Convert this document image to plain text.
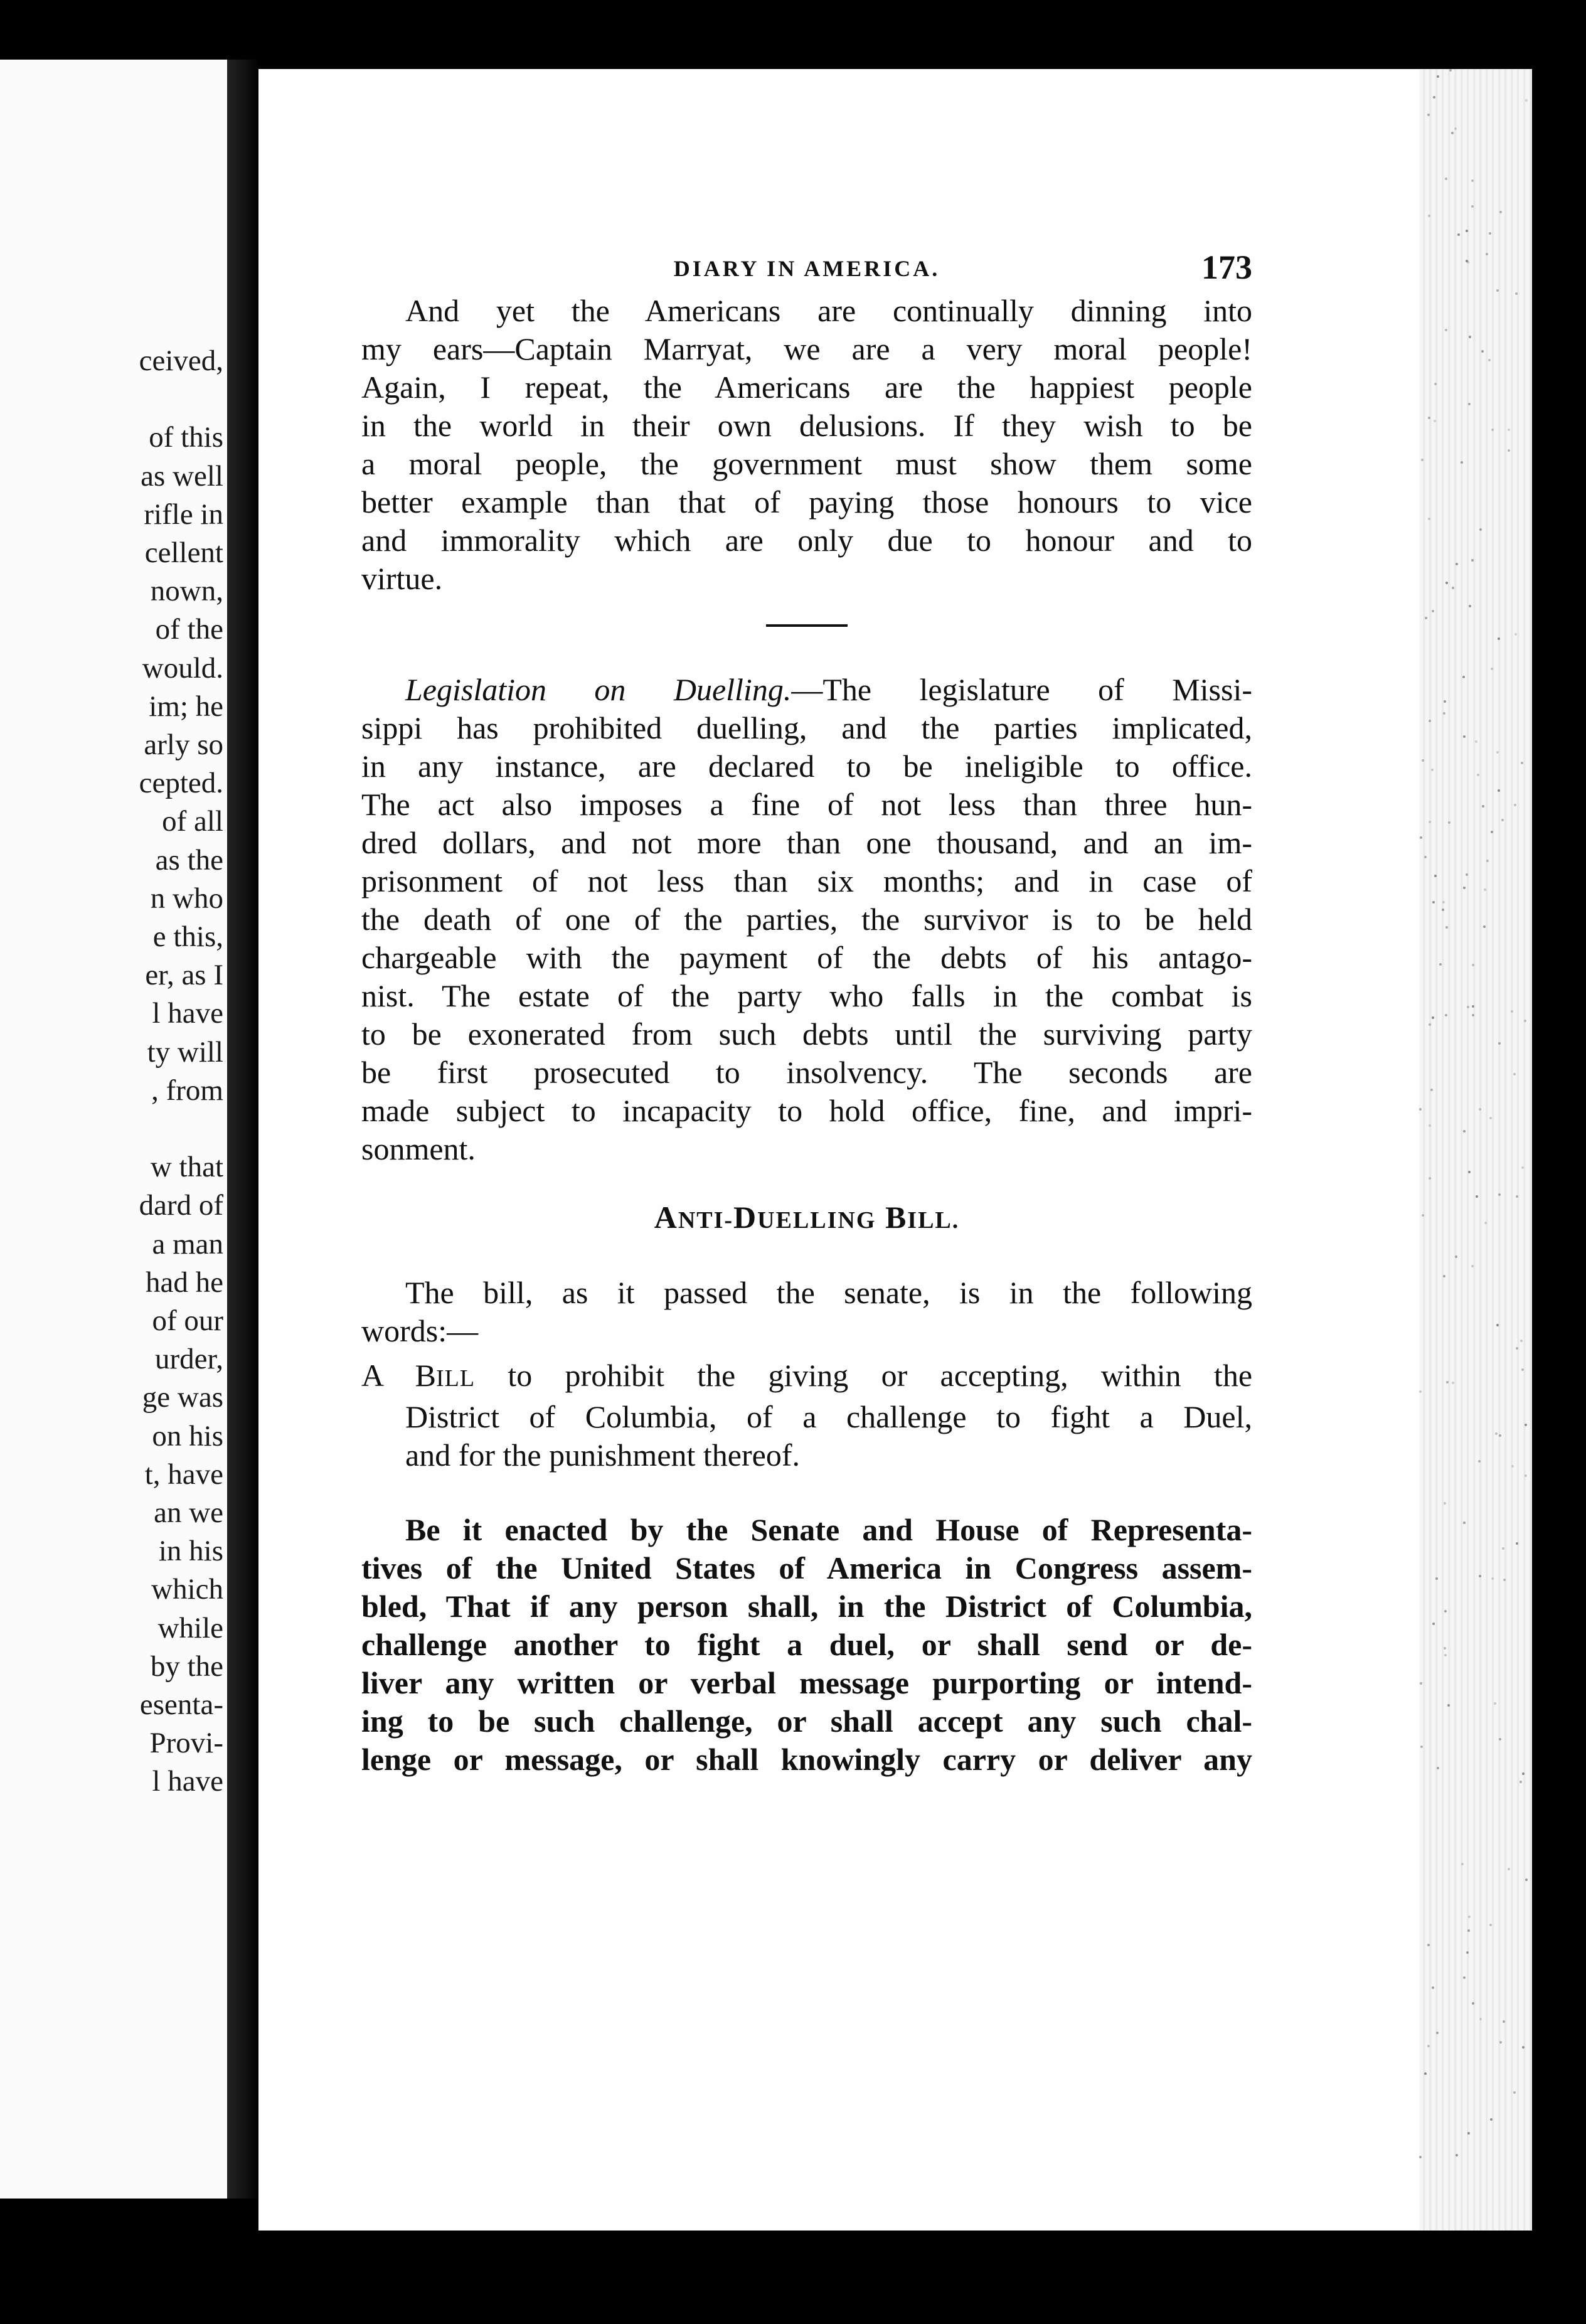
ceived,
of this
as well
rifle in
cellent
nown,
of the
would.
im; he
arly so
cepted.
of all
as the
n who
e this,
er, as I
l have
ty will
, from
w that
dard of
a man
had he
of our
urder,
ge was
on his
t, have
an we
in his
which
while
by the
esenta-
Provi-
l have
DIARY IN AMERICA.	173

And yet the Americans are continually dinning into
my ears—Captain Marryat, we are a very moral people!
Again, I repeat, the Americans are the happiest people
in the world in their own delusions. If they wish to be
a moral people, the government must show them some
better example than that of paying those honours to vice
and immorality which are only due to honour and to
virtue.

Legislation on Duelling.—The legislature of Missi-
sippi has prohibited duelling, and the parties implicated,
in any instance, are declared to be ineligible to office.
The act also imposes a fine of not less than three hun-
dred dollars, and not more than one thousand, and an im-
prisonment of not less than six months; and in case of
the death of one of the parties, the survivor is to be held
chargeable with the payment of the debts of his antago-
nist. The estate of the party who falls in the combat is
to be exonerated from such debts until the surviving party
be first prosecuted to insolvency. The seconds are
made subject to incapacity to hold office, fine, and impri-
sonment.

ANTI-DUELLING BILL.

The bill, as it passed the senate, is in the following
words:—

A BILL to prohibit the giving or accepting, within the
District of Columbia, of a challenge to fight a Duel,
and for the punishment thereof.

Be it enacted by the Senate and House of Representa-
tives of the United States of America in Congress assem-
bled, That if any person shall, in the District of Columbia,
challenge another to fight a duel, or shall send or de-
liver any written or verbal message purporting or intend-
ing to be such challenge, or shall accept any such chal-
lenge or message, or shall knowingly carry or deliver any
